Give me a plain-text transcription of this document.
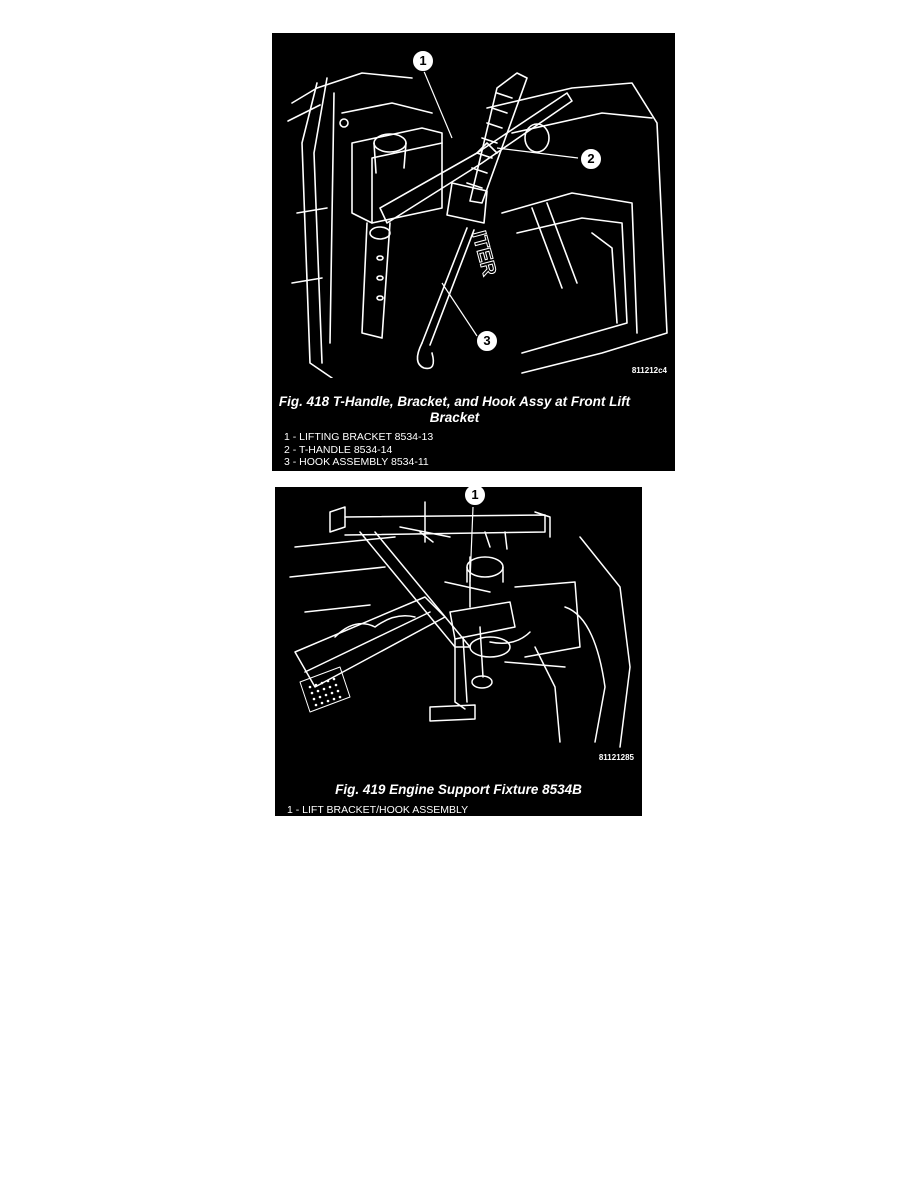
ITER
1
2
3
811212c4
Fig. 418 T-Handle, Bracket, and Hook Assy at Front Lift Bracket
1 - LIFTING BRACKET 8534-13
2 - T-HANDLE 8534-14
3 - HOOK ASSEMBLY 8534-11
1
81121285
Fig. 419 Engine Support Fixture 8534B
1 - LIFT BRACKET/HOOK ASSEMBLY
